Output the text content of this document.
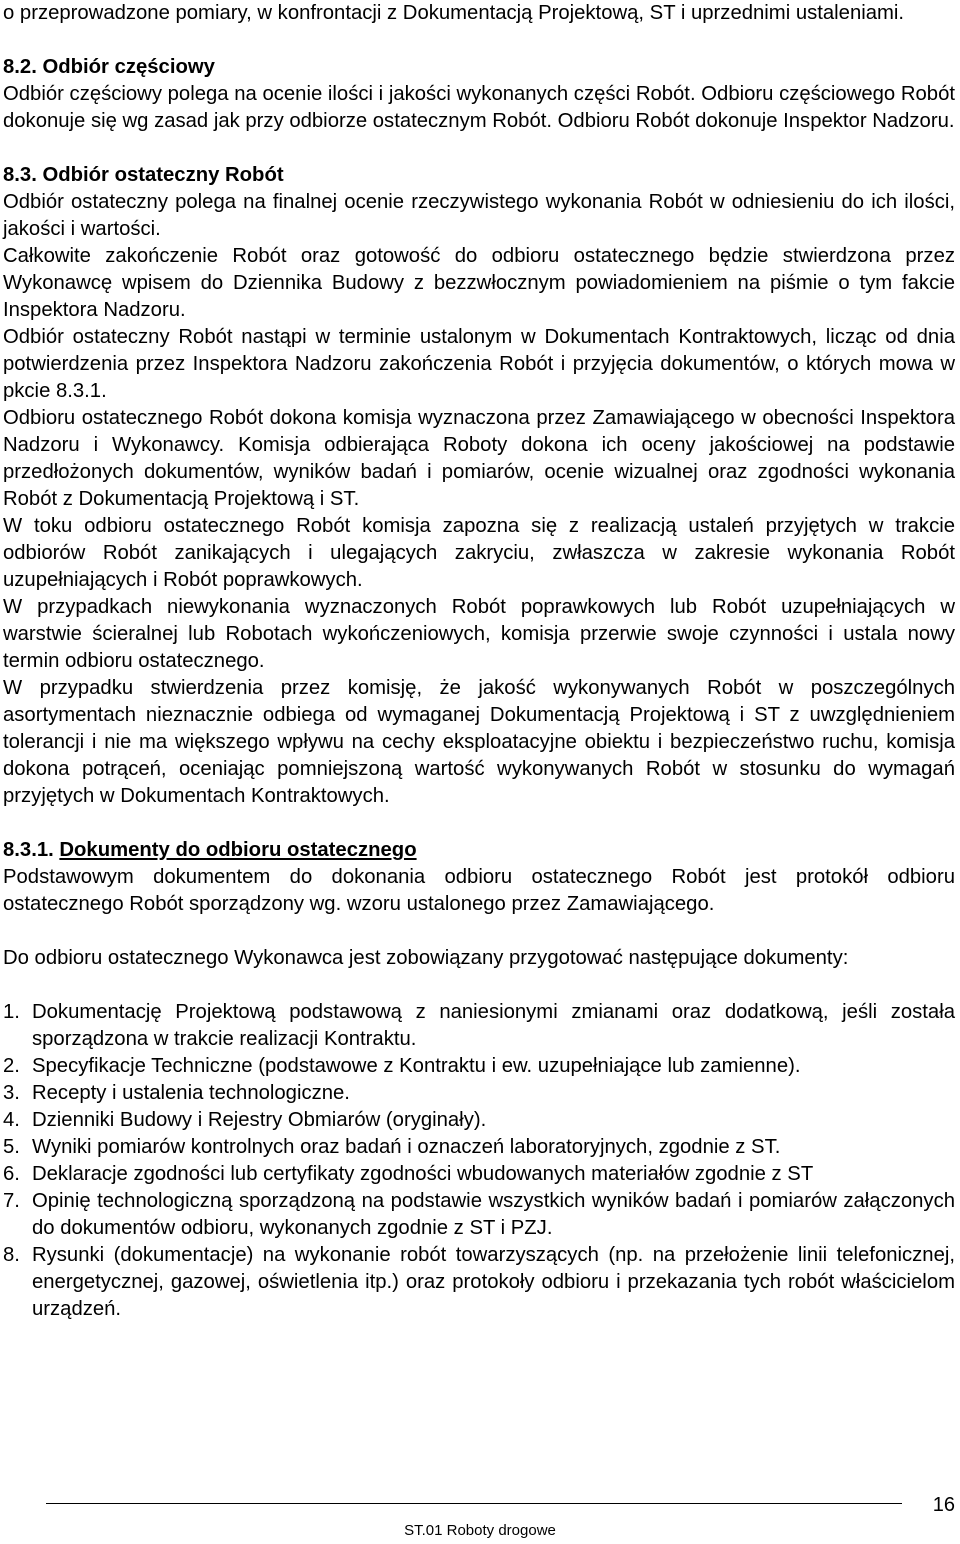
o przeprowadzone pomiary, w konfrontacji z Dokumentacją Projektową, ST i uprzednimi ustaleniami.

8.2. Odbiór częściowy

Odbiór częściowy polega na ocenie ilości i jakości wykonanych części Robót. Odbioru częściowego Robót dokonuje się wg zasad jak przy odbiorze ostatecznym Robót. Odbioru Robót dokonuje Inspektor Nadzoru.

8.3. Odbiór ostateczny Robót

Odbiór ostateczny polega na finalnej ocenie rzeczywistego wykonania Robót w odniesieniu do ich ilości, jakości i wartości.

Całkowite zakończenie Robót oraz gotowość do odbioru ostatecznego będzie stwierdzona przez Wykonawcę wpisem do Dziennika Budowy z bezzwłocznym powiadomieniem na piśmie o tym fakcie Inspektora Nadzoru.

Odbiór ostateczny Robót nastąpi w terminie ustalonym w Dokumentach Kontraktowych, licząc od dnia potwierdzenia przez Inspektora Nadzoru zakończenia Robót i przyjęcia dokumentów, o których mowa w pkcie 8.3.1.

Odbioru ostatecznego Robót dokona komisja wyznaczona przez Zamawiającego w obecności Inspektora Nadzoru i Wykonawcy. Komisja odbierająca Roboty dokona ich oceny jakościowej na podstawie przedłożonych dokumentów, wyników badań i pomiarów, ocenie wizualnej oraz zgodności wykonania Robót z Dokumentacją Projektową i ST.

W toku odbioru ostatecznego Robót komisja zapozna się z realizacją ustaleń przyjętych w trakcie odbiorów Robót zanikających i ulegających zakryciu, zwłaszcza w zakresie wykonania Robót uzupełniających i Robót poprawkowych.

W przypadkach niewykonania wyznaczonych Robót poprawkowych lub Robót uzupełniających w warstwie ścieralnej lub Robotach wykończeniowych, komisja przerwie swoje czynności i ustala nowy termin odbioru ostatecznego.

W przypadku stwierdzenia przez komisję, że jakość wykonywanych Robót w poszczególnych asortymentach nieznacznie odbiega od wymaganej Dokumentacją Projektową i ST z uwzględnieniem tolerancji i nie ma większego wpływu na cechy eksploatacyjne obiektu i bezpieczeństwo ruchu, komisja dokona potrąceń, oceniając pomniejszoną wartość wykonywanych Robót w stosunku do wymagań przyjętych w Dokumentach Kontraktowych.

8.3.1. Dokumenty do odbioru ostatecznego

Podstawowym dokumentem do dokonania odbioru ostatecznego Robót jest protokół odbioru ostatecznego Robót sporządzony wg. wzoru ustalonego przez Zamawiającego.

Do odbioru ostatecznego Wykonawca jest zobowiązany przygotować następujące dokumenty:

1. Dokumentację Projektową podstawową z naniesionymi zmianami oraz dodatkową, jeśli została sporządzona w trakcie realizacji Kontraktu.
2. Specyfikacje Techniczne (podstawowe z Kontraktu i ew. uzupełniające lub zamienne).
3. Recepty i ustalenia technologiczne.
4. Dzienniki Budowy i Rejestry Obmiarów (oryginały).
5. Wyniki pomiarów kontrolnych oraz badań i oznaczeń laboratoryjnych, zgodnie z ST.
6. Deklaracje zgodności lub certyfikaty zgodności wbudowanych materiałów zgodnie z ST
7. Opinię technologiczną sporządzoną na podstawie wszystkich wyników badań i pomiarów załączonych do dokumentów odbioru, wykonanych zgodnie z ST i PZJ.
8. Rysunki (dokumentacje) na wykonanie robót towarzyszących (np. na przełożenie linii telefonicznej, energetycznej, gazowej, oświetlenia itp.) oraz protokoły odbioru i przekazania tych robót właścicielom urządzeń.
16
ST.01 Roboty drogowe
